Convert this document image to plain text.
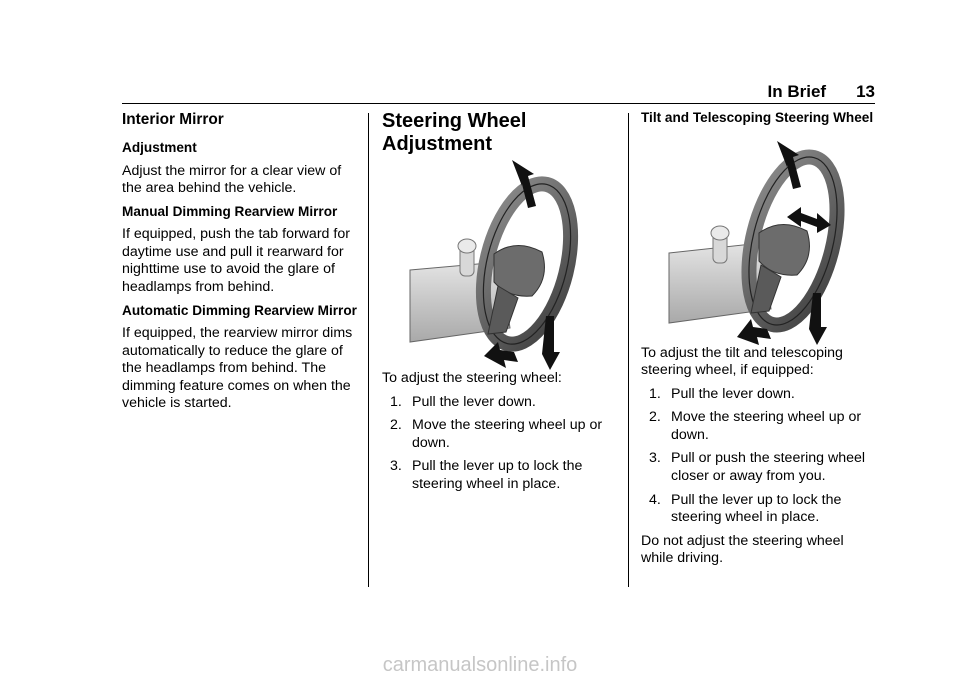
In Brief 13
Interior Mirror
Adjustment

Adjust the mirror for a clear view of the area behind the vehicle.

Manual Dimming Rearview Mirror

If equipped, push the tab forward for daytime use and pull it rearward for nighttime use to avoid the glare of headlamps from behind.

Automatic Dimming Rearview Mirror

If equipped, the rearview mirror dims automatically to reduce the glare of the headlamps from behind. The dimming feature comes on when the vehicle is started.

Steering Wheel
Adjustment

To adjust the steering wheel:

1. Pull the lever down.
2. Move the steering wheel up or down.
3. Pull the lever up to lock the steering wheel in place.
Tilt and Telescoping Steering Wheel

To adjust the tilt and telescoping steering wheel, if equipped:

1. Pull the lever down.
2. Move the steering wheel up or down.
3. Pull or push the steering wheel closer or away from you.
4. Pull the lever up to lock the steering wheel in place.

Do not adjust the steering wheel while driving.

carmanualsonline.info
